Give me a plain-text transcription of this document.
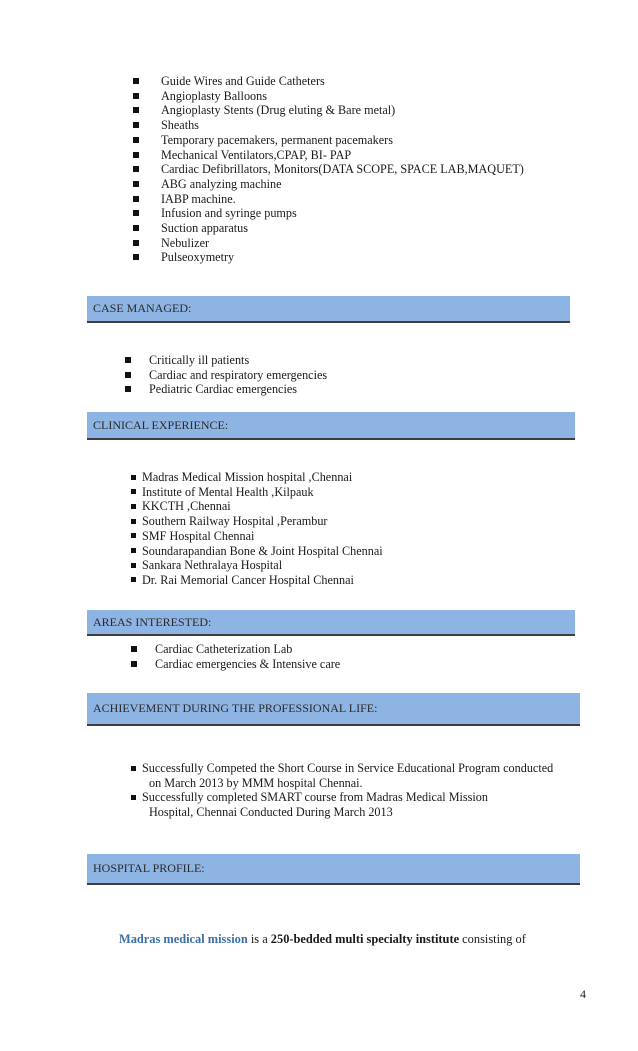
Guide Wires and Guide Catheters
Angioplasty Balloons
Angioplasty Stents (Drug eluting & Bare metal)
Sheaths
Temporary pacemakers, permanent pacemakers
Mechanical Ventilators,CPAP, BI- PAP
Cardiac Defibrillators, Monitors(DATA SCOPE, SPACE LAB,MAQUET)
ABG analyzing machine
IABP machine.
Infusion and syringe pumps
Suction apparatus
Nebulizer
Pulseoxymetry
CASE MANAGED:
Critically ill patients
Cardiac and respiratory emergencies
Pediatric Cardiac emergencies
CLINICAL EXPERIENCE:
Madras Medical Mission hospital ,Chennai
Institute of Mental Health ,Kilpauk
KKCTH ,Chennai
Southern Railway Hospital ,Perambur
SMF Hospital Chennai
Soundarapandian Bone & Joint Hospital Chennai
Sankara Nethralaya Hospital
Dr. Rai Memorial Cancer Hospital Chennai
AREAS INTERESTED:
Cardiac Catheterization Lab
Cardiac emergencies & Intensive care
ACHIEVEMENT DURING THE PROFESSIONAL LIFE:
Successfully Competed the Short Course in Service Educational Program conducted
on March 2013 by MMM hospital Chennai.
Successfully completed SMART course from Madras Medical Mission
Hospital, Chennai Conducted During March 2013
HOSPITAL PROFILE:
Madras medical mission is a 250-bedded multi specialty institute consisting of
4
